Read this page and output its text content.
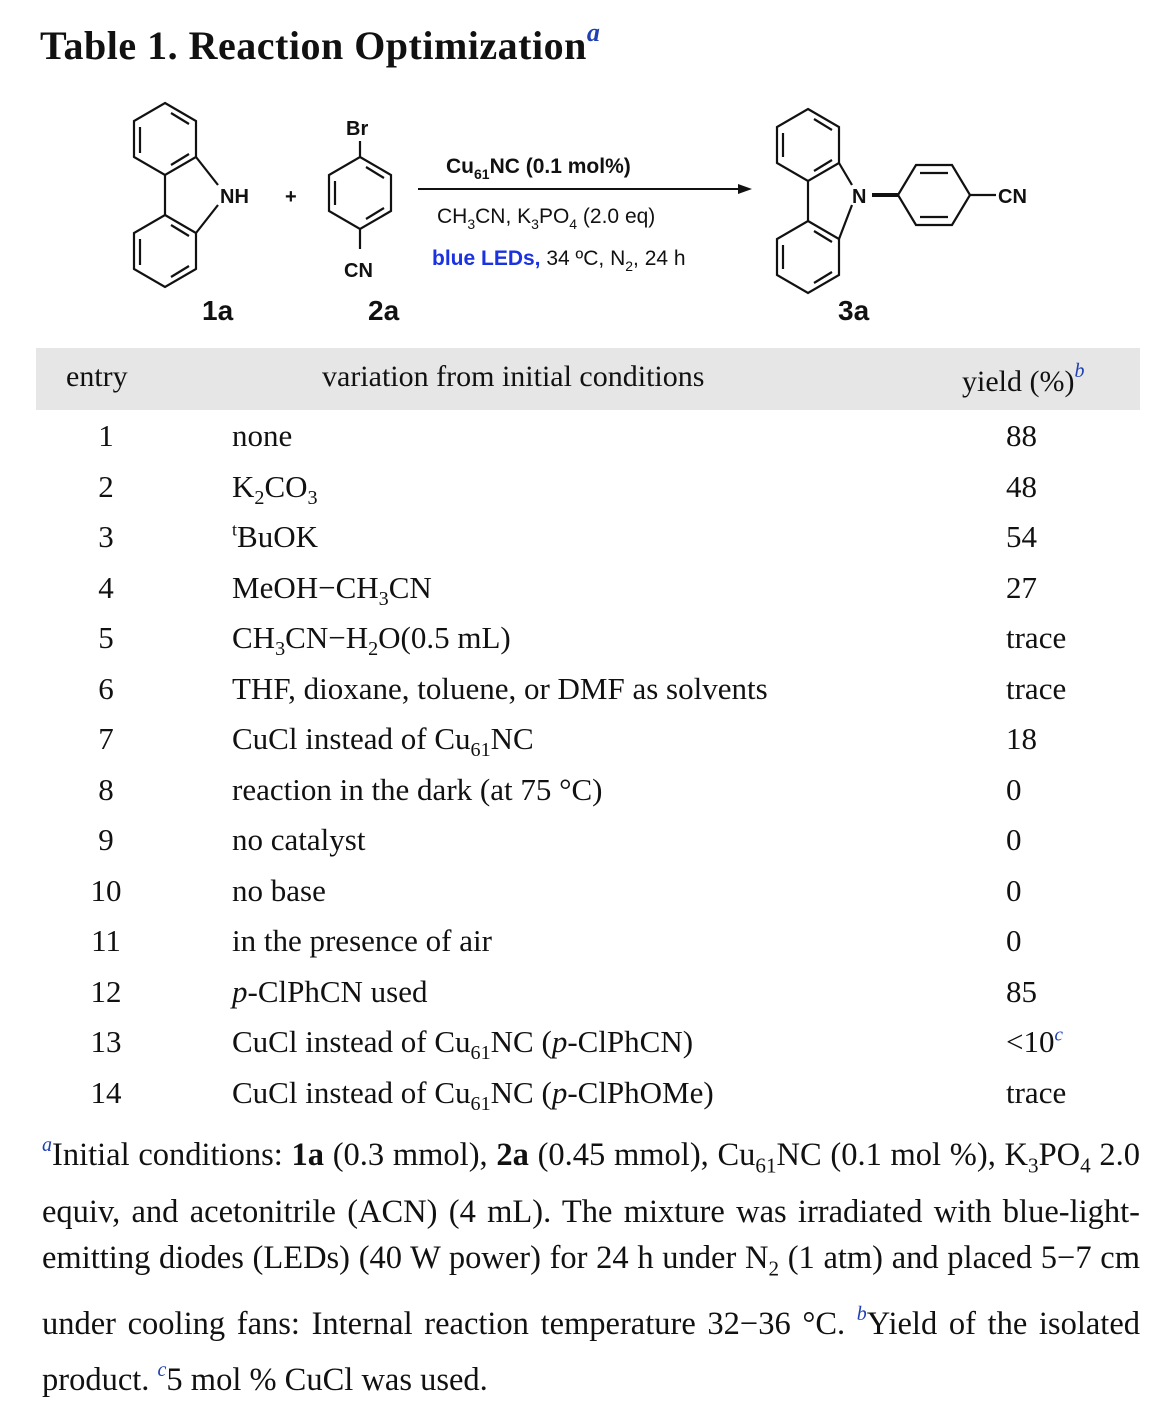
Table 1. Reaction Optimization$^a$
NH
1a
+
Br
CN
2a
$Cu_{61}NC$ (0.1 mol%)
$CH_3CN$, $K_3PO_4$ (2.0 eq)
blue LEDs, 34 ºC, $N_2$, 24 h
N	CN
3a
entry	variation from initial conditions	yield (%)$^b$
1	none	88
2	$K_2CO_3$	48
3	$^t$BuOK	54
4	$MeOH-CH_3CN$	27
5	$CH_3CN-H_2O(0.5$ mL)	trace
6	THF, dioxane, toluene, or DMF as solvents	trace
7	CuCl instead of $Cu_{61}NC$	18
8	reaction in the dark (at 75 °C)	0
9	no catalyst	0
10	no base	0
11	in the presence of air	0
12	p-ClPhCN used	85
13	CuCl instead of $Cu_{61}NC$ (p-ClPhCN)	$<10^c$
14	CuCl instead of $Cu_{61}NC$ (p-ClPhOMe)	trace
$^a$Initial conditions: 1a (0.3 mmol), 2a (0.45 mmol), $Cu_{61}NC$ (0.1 mol %), $K_3PO_4$ 2.0 equiv, and acetonitrile (ACN) (4 mL). The mixture was irradiated with blue-light-emitting diodes (LEDs) (40 W power) for 24 h under $N_2$ (1 atm) and placed 5−7 cm under cooling fans: Internal reaction temperature 32−36 °C. $^b$Yield of the isolated product. $^c$5 mol % CuCl was used.
